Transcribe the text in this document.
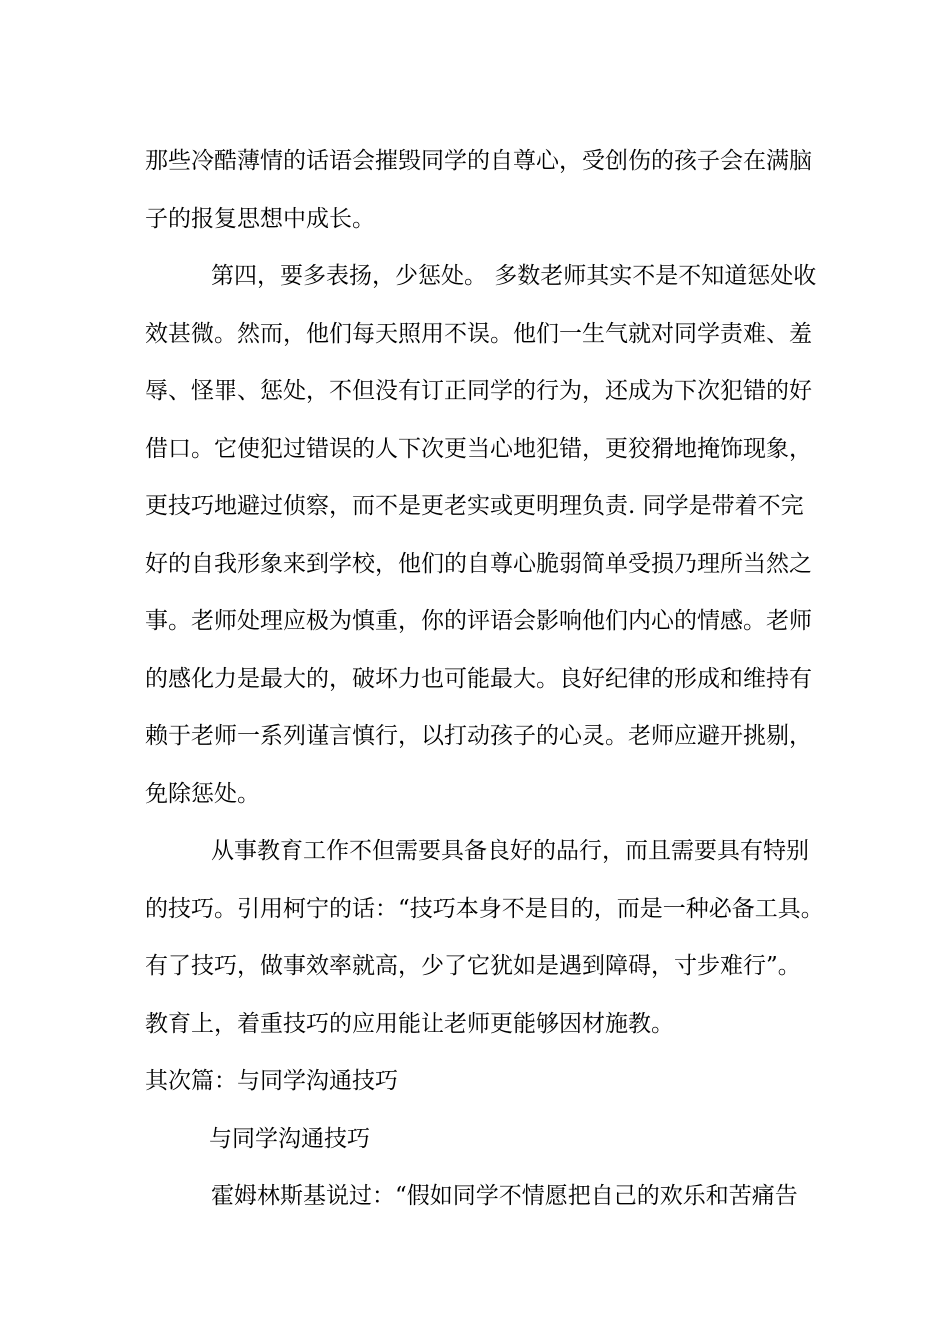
那些冷酷薄情的话语会摧毁同学的自尊心，受创伤的孩子会在满脑
子的报复思想中成长。
第四，要多表扬，少惩处。 多数老师其实不是不知道惩处收
效甚微。然而，他们每天照用不误。他们一生气就对同学责难、羞
辱、怪罪、惩处，不但没有订正同学的行为，还成为下次犯错的好
借口。它使犯过错误的人下次更当心地犯错，更狡猾地掩饰现象，
更技巧地避过侦察，而不是更老实或更明理负责. 同学是带着不完
好的自我形象来到学校，他们的自尊心脆弱简单受损乃理所当然之
事。老师处理应极为慎重，你的评语会影响他们内心的情感。老师
的感化力是最大的，破坏力也可能最大。良好纪律的形成和维持有
赖于老师一系列谨言慎行，以打动孩子的心灵。老师应避开挑剔，
免除惩处。
从事教育工作不但需要具备良好的品行，而且需要具有特别
的技巧。引用柯宁的话：“技巧本身不是目的，而是一种必备工具。
有了技巧，做事效率就高，少了它犹如是遇到障碍，寸步难行”。
教育上，着重技巧的应用能让老师更能够因材施教。
其次篇：与同学沟通技巧
与同学沟通技巧
霍姆林斯基说过：“假如同学不情愿把自己的欢乐和苦痛告
